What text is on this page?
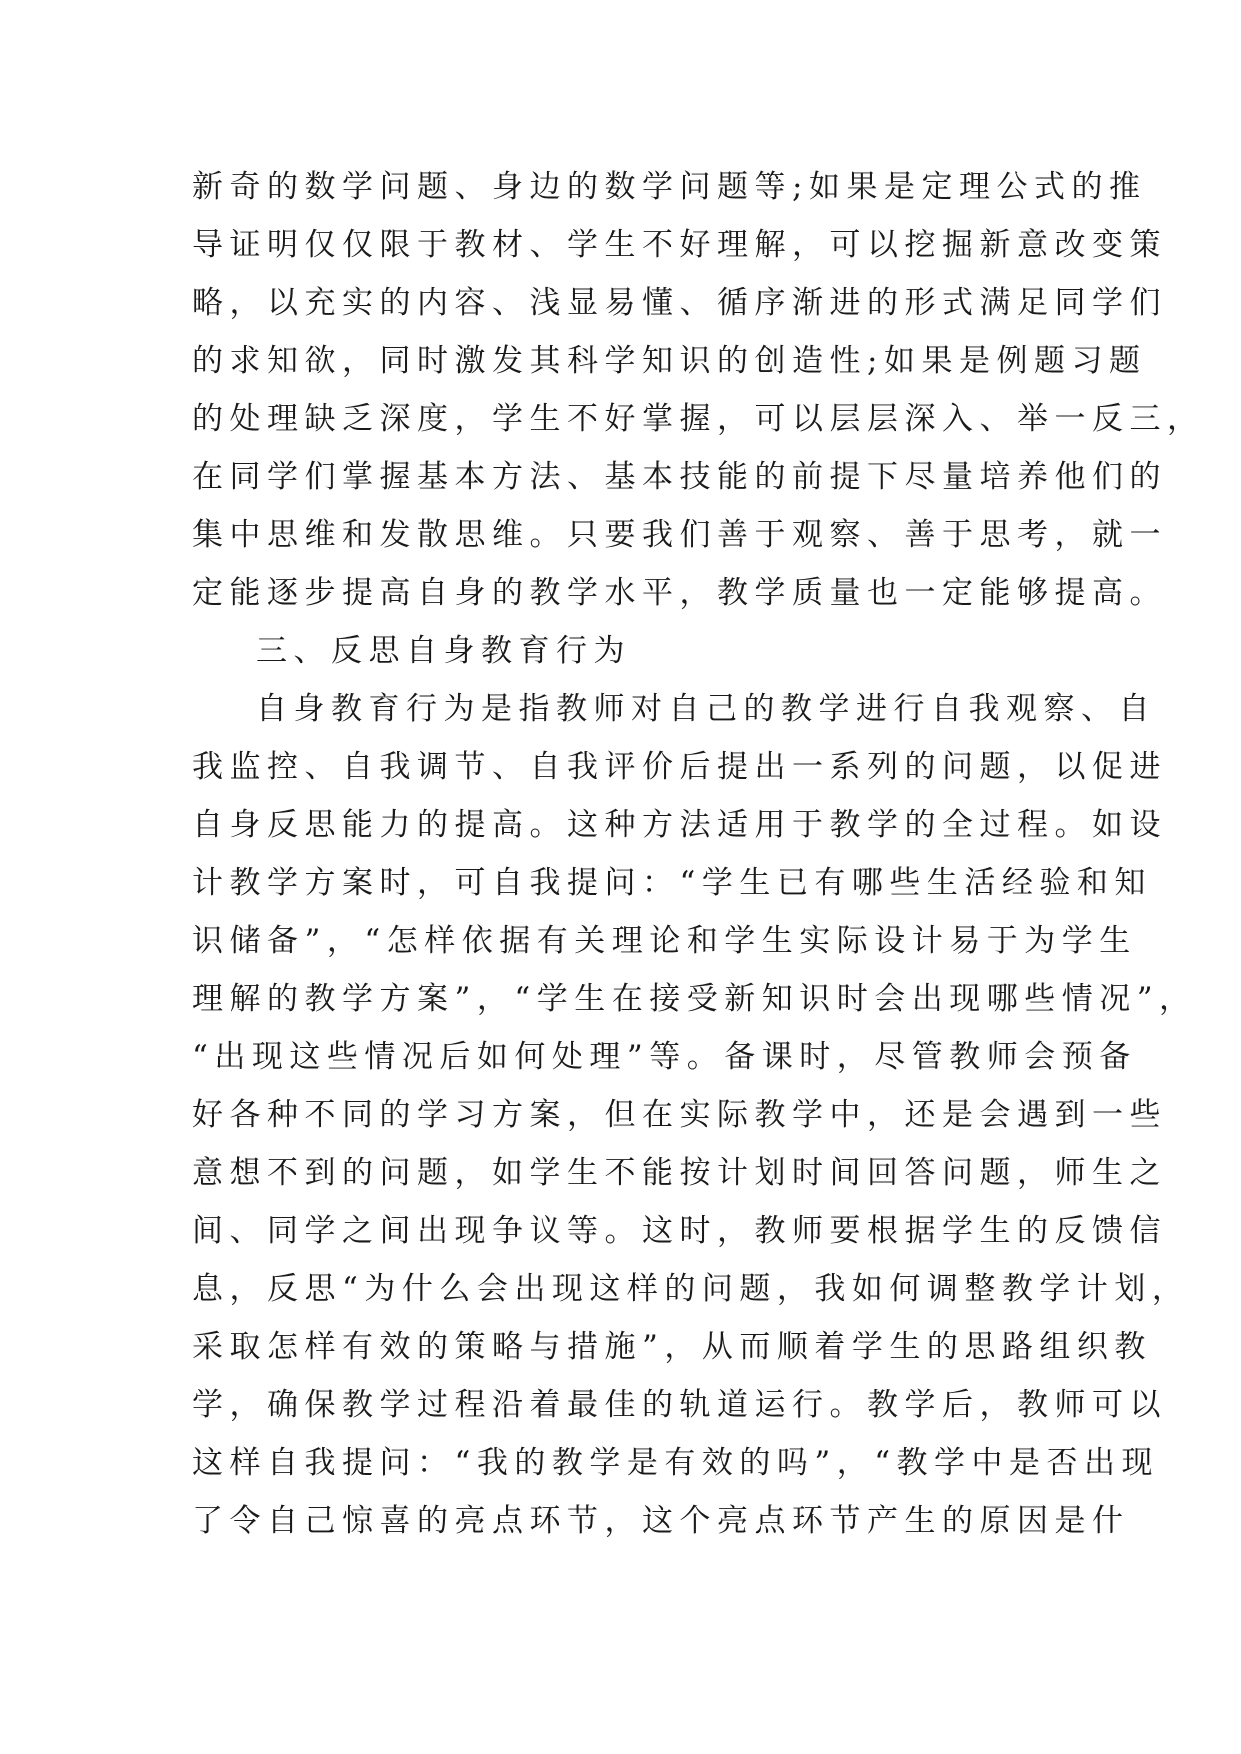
新奇的数学问题、身边的数学问题等;如果是定理公式的推
导证明仅仅限于教材、学生不好理解，可以挖掘新意改变策
略，以充实的内容、浅显易懂、循序渐进的形式满足同学们
的求知欲，同时激发其科学知识的创造性;如果是例题习题
的处理缺乏深度，学生不好掌握，可以层层深入、举一反三，
在同学们掌握基本方法、基本技能的前提下尽量培养他们的
集中思维和发散思维。只要我们善于观察、善于思考，就一
定能逐步提高自身的教学水平，教学质量也一定能够提高。
三、反思自身教育行为
自身教育行为是指教师对自己的教学进行自我观察、自
我监控、自我调节、自我评价后提出一系列的问题，以促进
自身反思能力的提高。这种方法适用于教学的全过程。如设
计教学方案时，可自我提问：“学生已有哪些生活经验和知
识储备”，“怎样依据有关理论和学生实际设计易于为学生
理解的教学方案”，“学生在接受新知识时会出现哪些情况”，
“出现这些情况后如何处理”等。备课时，尽管教师会预备
好各种不同的学习方案，但在实际教学中，还是会遇到一些
意想不到的问题，如学生不能按计划时间回答问题，师生之
间、同学之间出现争议等。这时，教师要根据学生的反馈信
息，反思“为什么会出现这样的问题，我如何调整教学计划，
采取怎样有效的策略与措施”，从而顺着学生的思路组织教
学，确保教学过程沿着最佳的轨道运行。教学后，教师可以
这样自我提问：“我的教学是有效的吗”，“教学中是否出现
了令自己惊喜的亮点环节，这个亮点环节产生的原因是什
